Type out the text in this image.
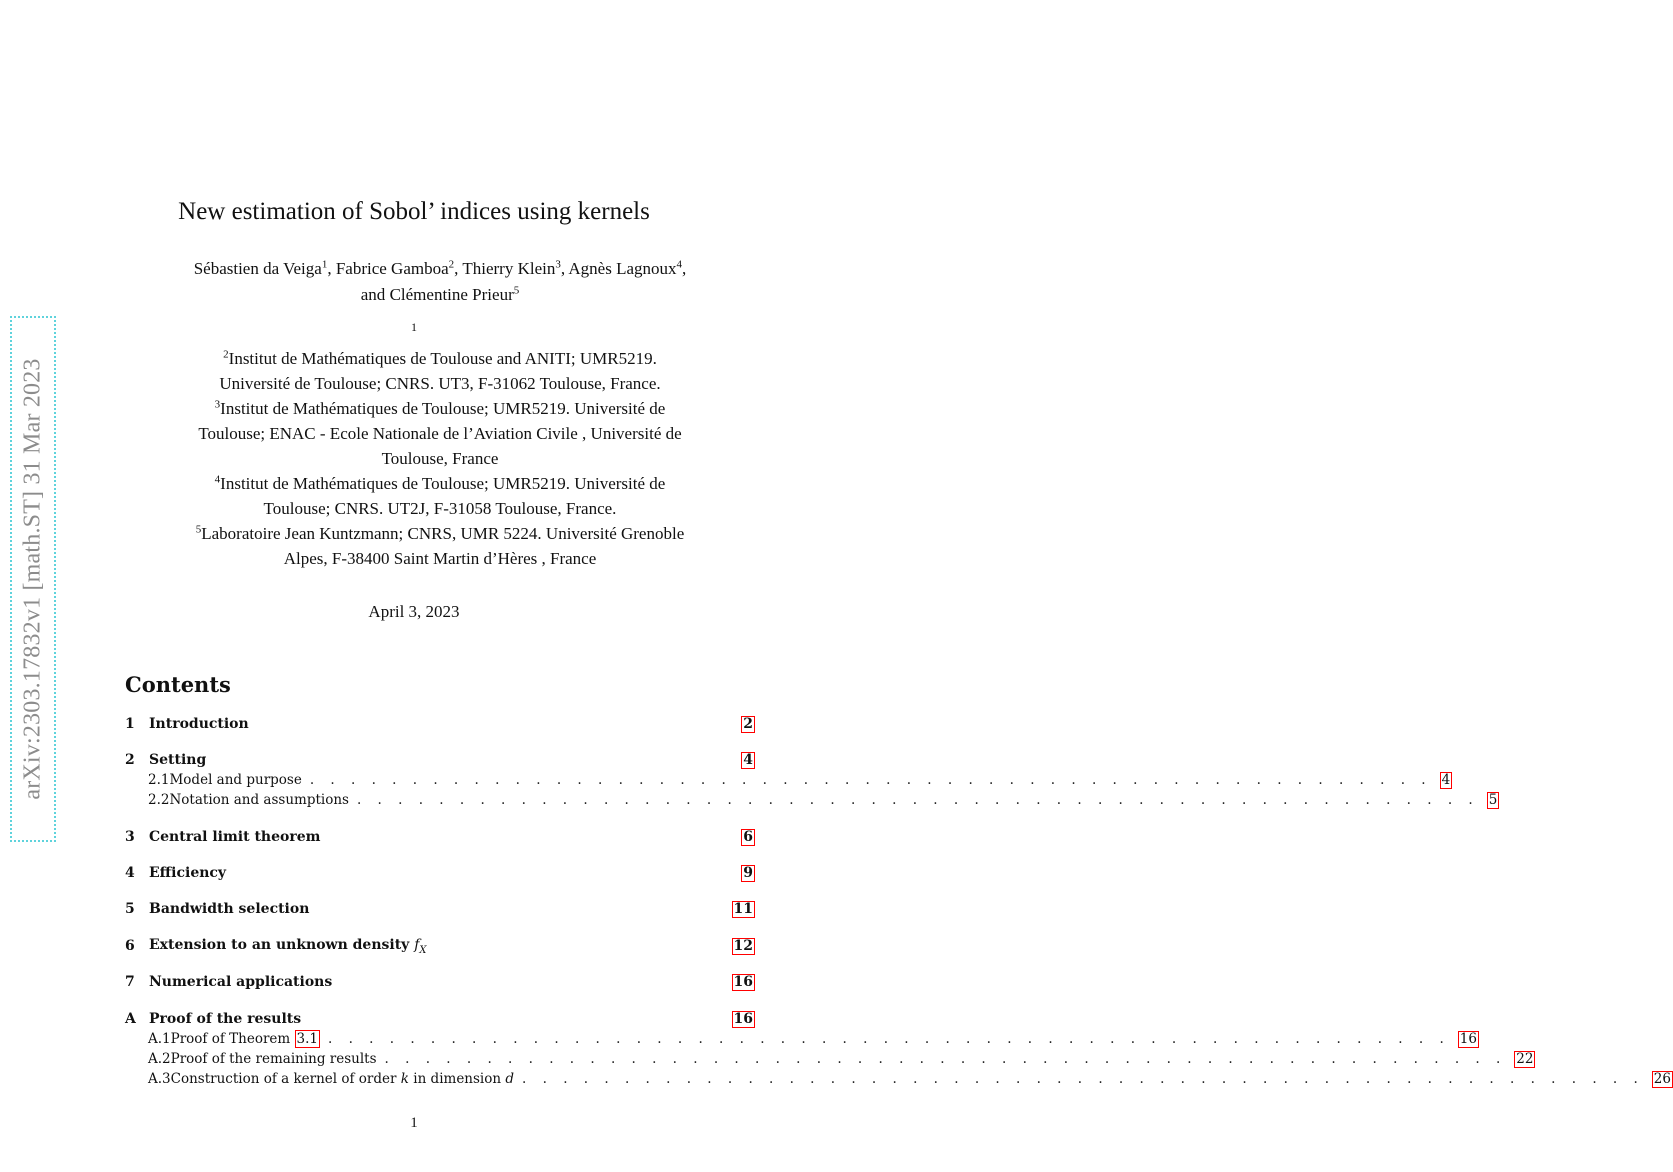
arXiv:2303.17832v1 [math.ST] 31 Mar 2023
New estimation of Sobol’ indices using kernels
Sébastien da Veiga$^1$, Fabrice Gamboa$^2$, Thierry Klein$^3$, Agnès Lagnoux$^4$,
and Clémentine Prieur$^5$
1
$^2$Institut de Mathématiques de Toulouse and ANITI; UMR5219.
Université de Toulouse; CNRS. UT3, F-31062 Toulouse, France.
$^3$Institut de Mathématiques de Toulouse; UMR5219. Université de
Toulouse; ENAC - Ecole Nationale de l’Aviation Civile , Université de
Toulouse, France
$^4$Institut de Mathématiques de Toulouse; UMR5219. Université de
Toulouse; CNRS. UT2J, F-31058 Toulouse, France.
$^5$Laboratoire Jean Kuntzmann; CNRS, UMR 5224. Université Grenoble
Alpes, F-38400 Saint Martin d’Hères , France
April 3, 2023
Contents
1	Introduction	2
2	Setting	4
2.1 Model and purpose . . . . . . . . . . . . . . . . . . . . . . . . . . . . . . . . . . . . . . . . . . . . . . . . . . . . . . . 4
2.2 Notation and assumptions . . . . . . . . . . . . . . . . . . . . . . . . . . . . . . . . . . . . . . . . . . . . . . . . . . . . . . . 5
3	Central limit theorem	6
4	Efficiency	9
5	Bandwidth selection	11
6	Extension to an unknown density $f_X$	12
7	Numerical applications	16
A Proof of the results	16
A.1 Proof of Theorem 3.1 . . . . . . . . . . . . . . . . . . . . . . . . . . . . . . . . . . . . . . . . . . . . . . . . . . . . . . . 16
A.2 Proof of the remaining results . . . . . . . . . . . . . . . . . . . . . . . . . . . . . . . . . . . . . . . . . . . . . . . . . . . . . . . 22
A.3 Construction of a kernel of order k in dimension d . . . . . . . . . . . . . . . . . . . . . . . . . . . . . . . . . . . . . . . . . . . . . . . . . . . . . . . 26
1
